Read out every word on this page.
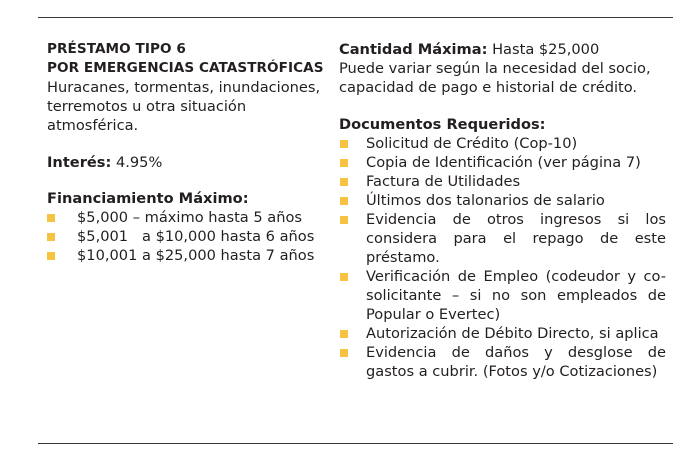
PRÉSTAMO TIPO 6
POR EMERGENCIAS CATASTRÓFICAS
Huracanes, tormentas, inundaciones, terremotos u otra situación atmosférica.
Interés: 4.95%
Financiamiento Máximo:
$5,000 – máximo hasta 5 años
$5,001   a $10,000 hasta 6 años
$10,001 a $25,000 hasta 7 años
Cantidad Máxima: Hasta $25,000
Puede variar según la necesidad del socio, capacidad de pago e historial de crédito.
Documentos Requeridos:
Solicitud de Crédito (Cop-10)
Copia de Identificación (ver página 7)
Factura de Utilidades
Últimos dos talonarios de salario
Evidencia de otros ingresos si los considera para el repago de este préstamo.
Verificación de Empleo (codeudor y co-solicitante – si no son empleados de Popular o Evertec)
Autorización de Débito Directo, si aplica
Evidencia de daños y desglose de gastos a cubrir. (Fotos y/o Cotizaciones)
